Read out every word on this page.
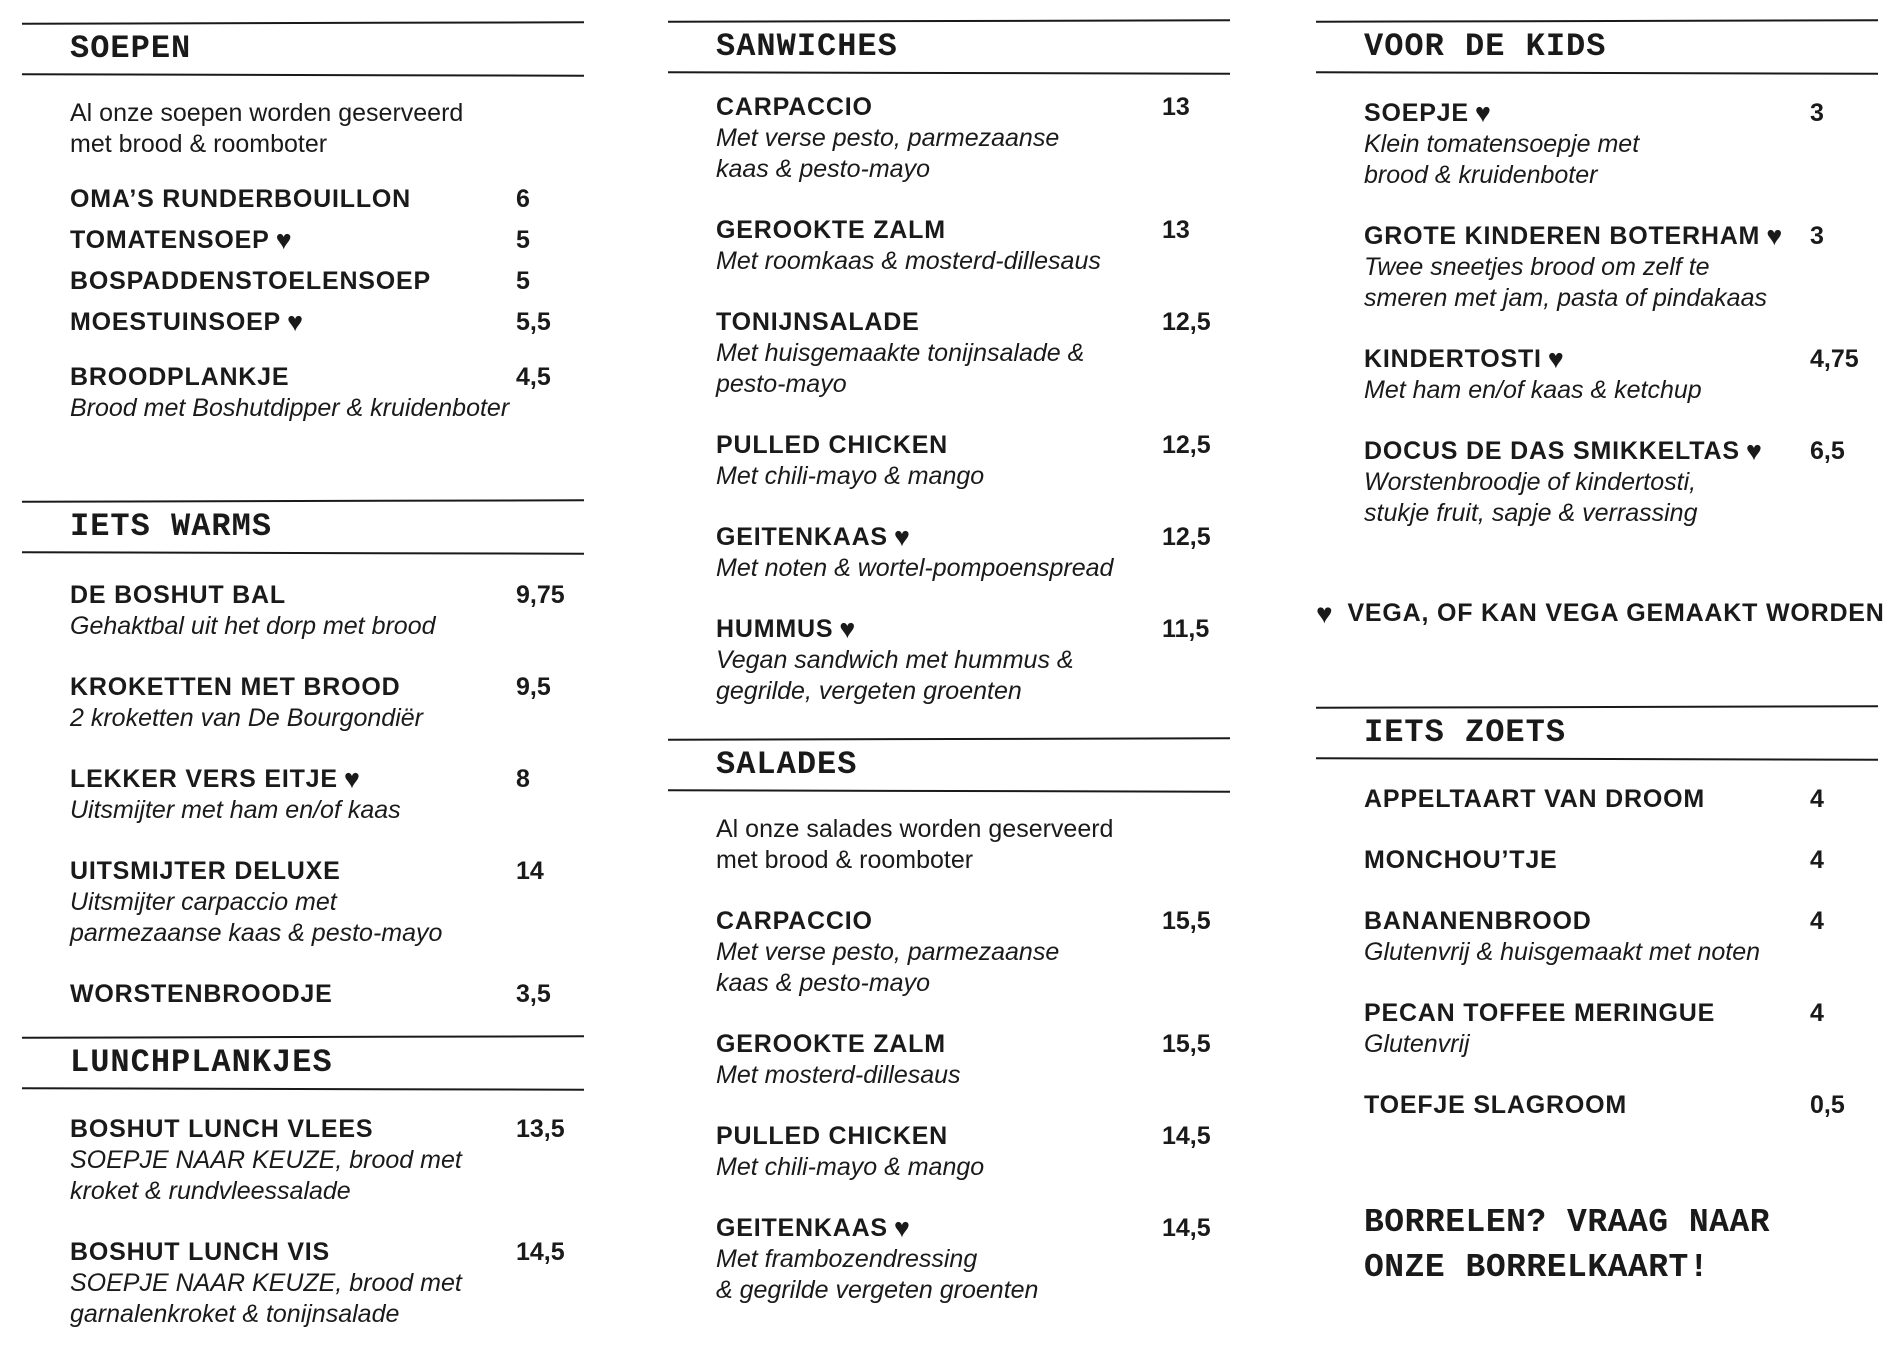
SOEPEN
Al onze soepen worden geserveerd
met brood & roomboter
OMA’S RUNDERBOUILLON	6
TOMATENSOEP ♥	5
BOSPADDENSTOELENSOEP	5
MOESTUINSOEP ♥	5,5
BROODPLANKJE	4,5
Brood met Boshutdipper & kruidenboter
IETS WARMS
DE BOSHUT BAL	9,75
Gehaktbal uit het dorp met brood
KROKETTEN MET BROOD	9,5
2 kroketten van De Bourgondiër
LEKKER VERS EITJE ♥	8
Uitsmijter met ham en/of kaas
UITSMIJTER DELUXE	14
Uitsmijter carpaccio met
parmezaanse kaas & pesto-mayo
WORSTENBROODJE	3,5
LUNCHPLANKJES
BOSHUT LUNCH VLEES	13,5
SOEPJE NAAR KEUZE, brood met
kroket & rundvleessalade
BOSHUT LUNCH VIS	14,5
SOEPJE NAAR KEUZE, brood met
garnalenkroket & tonijnsalade
SANWICHES
CARPACCIO	13
Met verse pesto, parmezaanse
kaas & pesto-mayo
GEROOKTE ZALM	13
Met roomkaas & mosterd-dillesaus
TONIJNSALADE	12,5
Met huisgemaakte tonijnsalade &
pesto-mayo
PULLED CHICKEN	12,5
Met chili-mayo & mango
GEITENKAAS ♥	12,5
Met noten & wortel-pompoenspread
HUMMUS ♥	11,5
Vegan sandwich met hummus &
gegrilde, vergeten groenten
SALADES
Al onze salades worden geserveerd
met brood & roomboter
CARPACCIO	15,5
Met verse pesto, parmezaanse
kaas & pesto-mayo
GEROOKTE ZALM	15,5
Met mosterd-dillesaus
PULLED CHICKEN	14,5
Met chili-mayo & mango
GEITENKAAS ♥	14,5
Met frambozendressing
& gegrilde vergeten groenten
VOOR DE KIDS
SOEPJE ♥	3
Klein tomatensoepje met
brood & kruidenboter
GROTE KINDEREN BOTERHAM ♥	3
Twee sneetjes brood om zelf te
smeren met jam, pasta of pindakaas
KINDERTOSTI ♥	4,75
Met ham en/of kaas & ketchup
DOCUS DE DAS SMIKKELTAS ♥	6,5
Worstenbroodje of kindertosti,
stukje fruit, sapje & verrassing
♥ VEGA, OF KAN VEGA GEMAAKT WORDEN
IETS ZOETS
APPELTAART VAN DROOM	4
MONCHOU’TJE	4
BANANENBROOD	4
Glutenvrij & huisgemaakt met noten
PECAN TOFFEE MERINGUE	4
Glutenvrij
TOEFJE SLAGROOM	0,5
BORRELEN? VRAAG NAAR
ONZE BORRELKAART!
